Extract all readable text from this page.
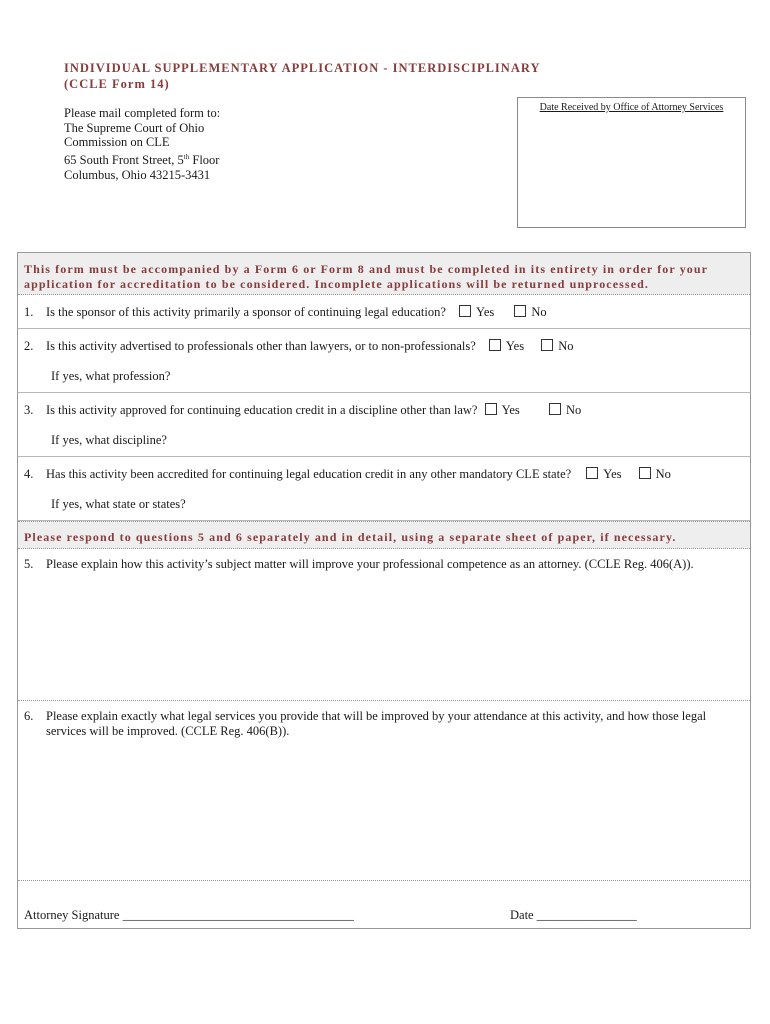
INDIVIDUAL SUPPLEMENTARY APPLICATION - INTERDISCIPLINARY
(CCLE Form 14)
Please mail completed form to:
The Supreme Court of Ohio
Commission on CLE
65 South Front Street, 5th Floor
Columbus, Ohio 43215-3431
Date Received by Office of Attorney Services
This form must be accompanied by a Form 6 or Form 8 and must be completed in its entirety in order for your application for accreditation to be considered. Incomplete applications will be returned unprocessed.
1. Is the sponsor of this activity primarily a sponsor of continuing legal education? Yes	No
2. Is this activity advertised to professionals other than lawyers, or to non-professionals? Yes	No
If yes, what profession?
3. Is this activity approved for continuing education credit in a discipline other than law? Yes	No
If yes, what discipline?
4. Has this activity been accredited for continuing legal education credit in any other mandatory CLE state?	Yes	No
If yes, what state or states?
Please respond to questions 5 and 6 separately and in detail, using a separate sheet of paper, if necessary.
5.	Please explain how this activity’s subject matter will improve your professional competence as an attorney. (CCLE Reg. 406(A)).
6.	Please explain exactly what legal services you provide that will be improved by your attendance at this activity, and how those legal services will be improved. (CCLE Reg. 406(B)).
Attorney Signature _____________________________________	Date ________________
